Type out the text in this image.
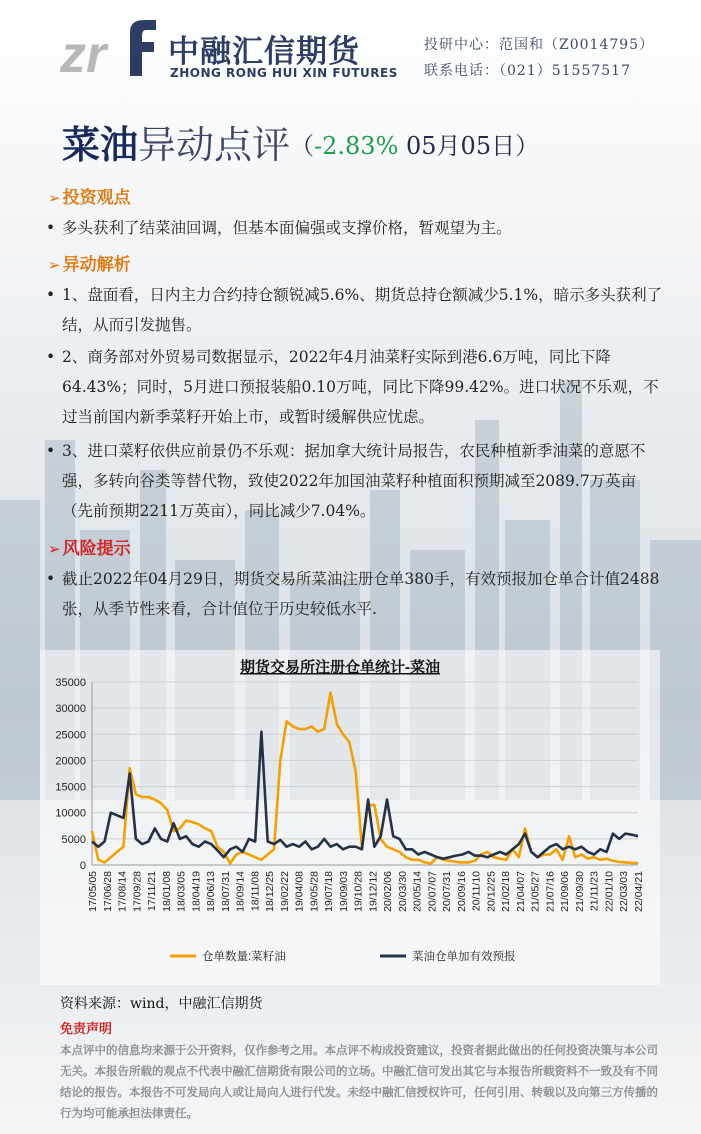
zr 中融汇信期货
ZHONG RONG HUI XIN FUTURES
投研中心：范国和（Z0014795）
联系电话：（021）51557517
菜油异动点评（-2.83% 05月05日）
➢ 投资观点
• 多头获利了结菜油回调，但基本面偏强或支撑价格，暂观望为主。
➢ 异动解析
• 1、盘面看，日内主力合约持仓额锐减5.6%、期货总持仓额减少5.1%，暗示多头获利了结，从而引发抛售。
• 2、商务部对外贸易司数据显示，2022年4月油菜籽实际到港6.6万吨，同比下降64.43%；同时，5月进口预报装船0.10万吨，同比下降99.42%。进口状况不乐观，不过当前国内新季菜籽开始上市，或暂时缓解供应忧虑。
• 3、进口菜籽依供应前景仍不乐观：据加拿大统计局报告，农民种植新季油菜的意愿不强，多转向谷类等替代物，致使2022年加国油菜籽种植面积预期减至2089.7万英亩（先前预期2211万英亩），同比减少7.04%。
➢ 风险提示
• 截止2022年04月29日，期货交易所菜油注册仓单380手，有效预报加仓单合计值2488张，从季节性来看，合计值位于历史较低水平.
期货交易所注册仓单统计-菜油
0
5000
10000
15000
20000
25000
30000
35000
17/05/05 17/06/28 17/08/14 17/09/28 17/11/21 18/01/08 18/03/05 18/04/19 18/06/13 18/07/31 18/09/14 18/11/08 18/12/25 19/02/22 19/04/08 19/05/28 19/07/18 19/09/03 19/10/28 19/12/12 20/02/06 20/03/30 20/05/14 20/07/07 20/07/31 20/09/16 20/11/10 20/12/25 21/02/18 21/04/07 21/05/27 21/07/16 21/09/06 21/09/30 21/11/23 22/01/10 22/03/03 22/04/21
仓单数量:菜籽油	菜油仓单加有效预报
资料来源：wind，中融汇信期货
免责声明
本点评中的信息均来源于公开资料，仅作参考之用。本点评不构成投资建议，投资者据此做出的任何投资决策与本公司无关。本报告所载的观点不代表中融汇信期货有限公司的立场。中融汇信可发出其它与本报告所载资料不一致及有不同结论的报告。本报告不可发局向人或让局向人进行代发。未经中融汇信授权许可，任何引用、转载以及向第三方传播的行为均可能承担法律责任。
